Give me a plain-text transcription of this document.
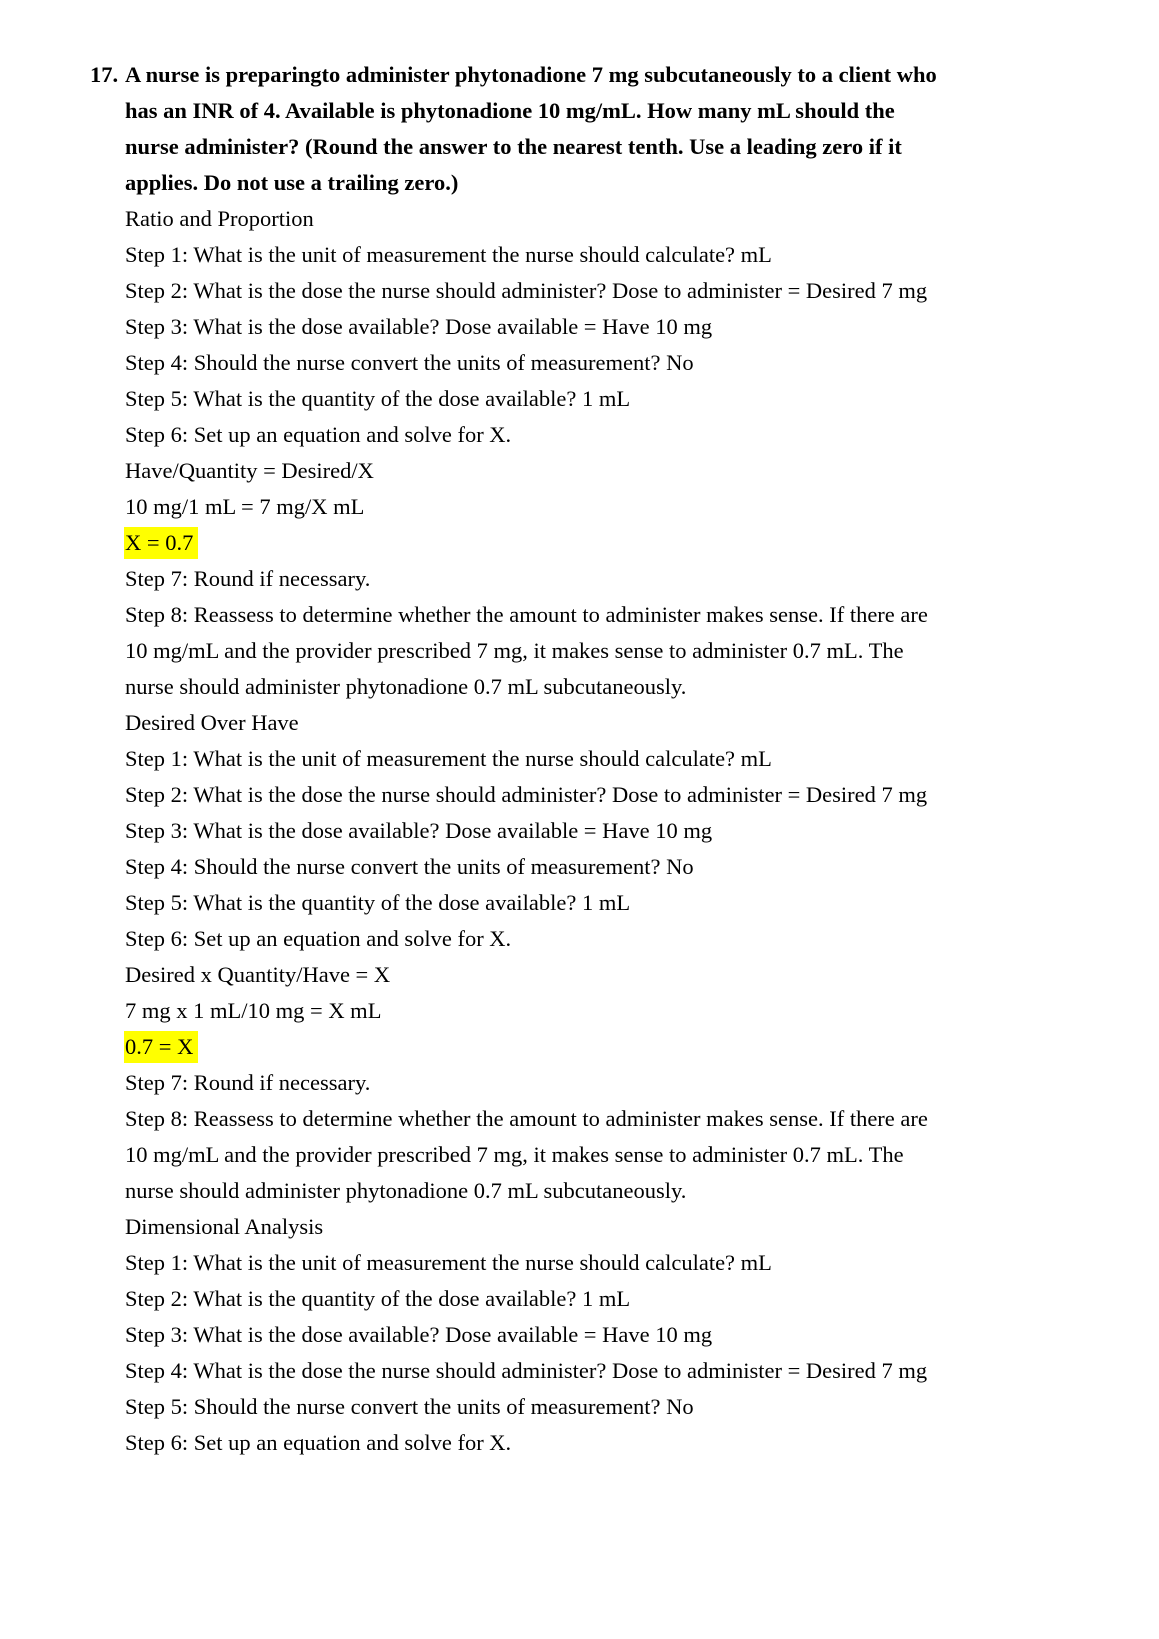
17. A nurse is preparingto administer phytonadione 7 mg subcutaneously to a client who
has an INR of 4. Available is phytonadione 10 mg/mL. How many mL should the
nurse administer? (Round the answer to the nearest tenth. Use a leading zero if it
applies. Do not use a trailing zero.)
Ratio and Proportion
Step 1: What is the unit of measurement the nurse should calculate? mL
Step 2: What is the dose the nurse should administer? Dose to administer = Desired 7 mg
Step 3: What is the dose available? Dose available = Have 10 mg
Step 4: Should the nurse convert the units of measurement? No
Step 5: What is the quantity of the dose available? 1 mL
Step 6: Set up an equation and solve for X.
Have/Quantity = Desired/X
10 mg/1 mL = 7 mg/X mL
X = 0.7
Step 7: Round if necessary.
Step 8: Reassess to determine whether the amount to administer makes sense. If there are
10 mg/mL and the provider prescribed 7 mg, it makes sense to administer 0.7 mL. The
nurse should administer phytonadione 0.7 mL subcutaneously.
Desired Over Have
Step 1: What is the unit of measurement the nurse should calculate? mL
Step 2: What is the dose the nurse should administer? Dose to administer = Desired 7 mg
Step 3: What is the dose available? Dose available = Have 10 mg
Step 4: Should the nurse convert the units of measurement? No
Step 5: What is the quantity of the dose available? 1 mL
Step 6: Set up an equation and solve for X.
Desired x Quantity/Have = X
7 mg x 1 mL/10 mg = X mL
0.7 = X
Step 7: Round if necessary.
Step 8: Reassess to determine whether the amount to administer makes sense. If there are
10 mg/mL and the provider prescribed 7 mg, it makes sense to administer 0.7 mL. The
nurse should administer phytonadione 0.7 mL subcutaneously.
Dimensional Analysis
Step 1: What is the unit of measurement the nurse should calculate? mL
Step 2: What is the quantity of the dose available? 1 mL
Step 3: What is the dose available? Dose available = Have 10 mg
Step 4: What is the dose the nurse should administer? Dose to administer = Desired 7 mg
Step 5: Should the nurse convert the units of measurement? No
Step 6: Set up an equation and solve for X.
